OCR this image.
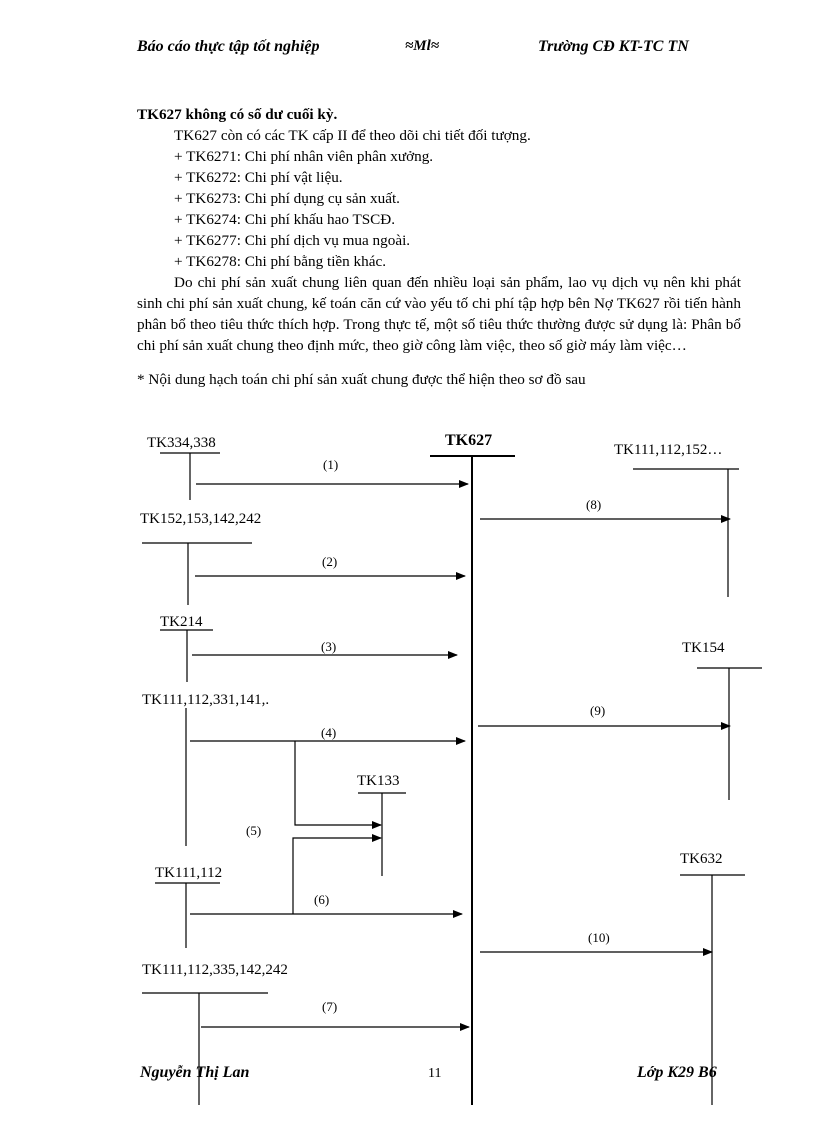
Báo cáo thực tập tốt nghiệp	≈Ml≈	Trường CĐ KT-TC TN

TK627 không có số dư cuối kỳ.

TK627 còn có các TK cấp II để theo dõi chi tiết đối tượng.

+ TK6271: Chi phí nhân viên phân xưởng.

+ TK6272: Chi phí vật liệu.

+ TK6273: Chi phí dụng cụ sản xuất.

+ TK6274: Chi phí khấu hao TSCĐ.

+ TK6277: Chi phí dịch vụ mua ngoài.

+ TK6278: Chi phí bằng tiền khác.

Do chi phí sản xuất chung liên quan đến nhiều loại sản phẩm, lao vụ dịch vụ nên khi phát sinh chi phí sản xuất chung, kế toán căn cứ vào yếu tố chi phí tập hợp bên Nợ TK627 rồi tiến hành phân bổ theo tiêu thức thích hợp. Trong thực tế, một số tiêu thức thường được sử dụng là: Phân bổ chi phí sản xuất chung theo định mức, theo giờ công làm việc, theo số giờ máy làm việc…

* Nội dung hạch toán chi phí sản xuất chung được thể hiện theo sơ đồ sau

TK627
TK334,338
TK152,153,142,242
TK214
TK111,112,331,141,.
TK133
TK111,112
TK111,112,335,142,242
TK111,112,152…
TK154
TK632
(1)
(2)
(3)
(4)
(5)
(6)
(7)
(8)
(9)
(10)
Nguyễn Thị Lan	11	Lớp K29 B6
